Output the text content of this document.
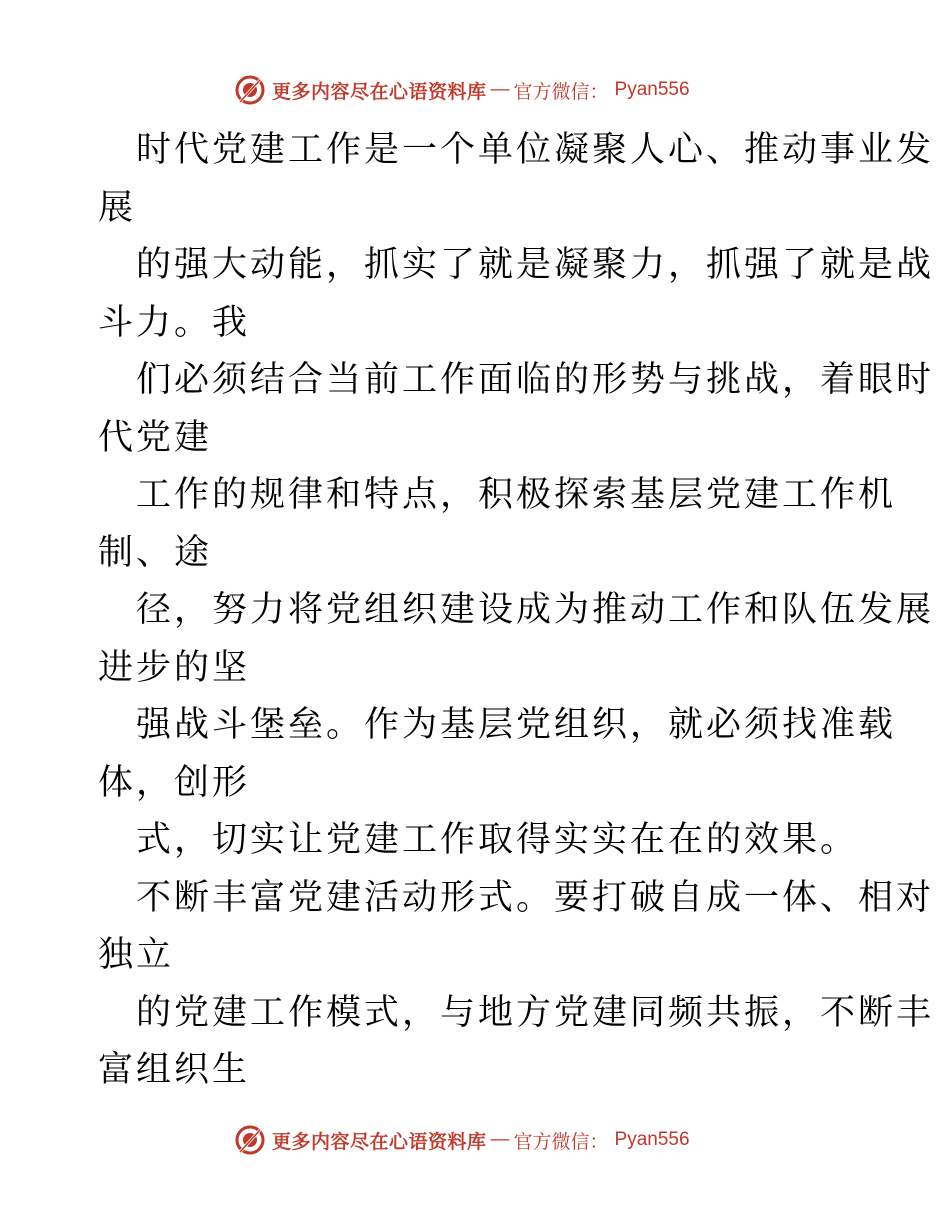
更多内容尽在心语资料库 — 官方微信： Pyan556
时代党建工作是一个单位凝聚人心、推动事业发
展
的强大动能，抓实了就是凝聚力，抓强了就是战
斗力。我
们必须结合当前工作面临的形势与挑战，着眼时
代党建
工作的规律和特点，积极探索基层党建工作机
制、途
径，努力将党组织建设成为推动工作和队伍发展
进步的坚
强战斗堡垒。作为基层党组织，就必须找准载
体，创形
式，切实让党建工作取得实实在在的效果。
不断丰富党建活动形式。要打破自成一体、相对
独立
的党建工作模式，与地方党建同频共振，不断丰
富组织生
更多内容尽在心语资料库 — 官方微信： Pyan556
